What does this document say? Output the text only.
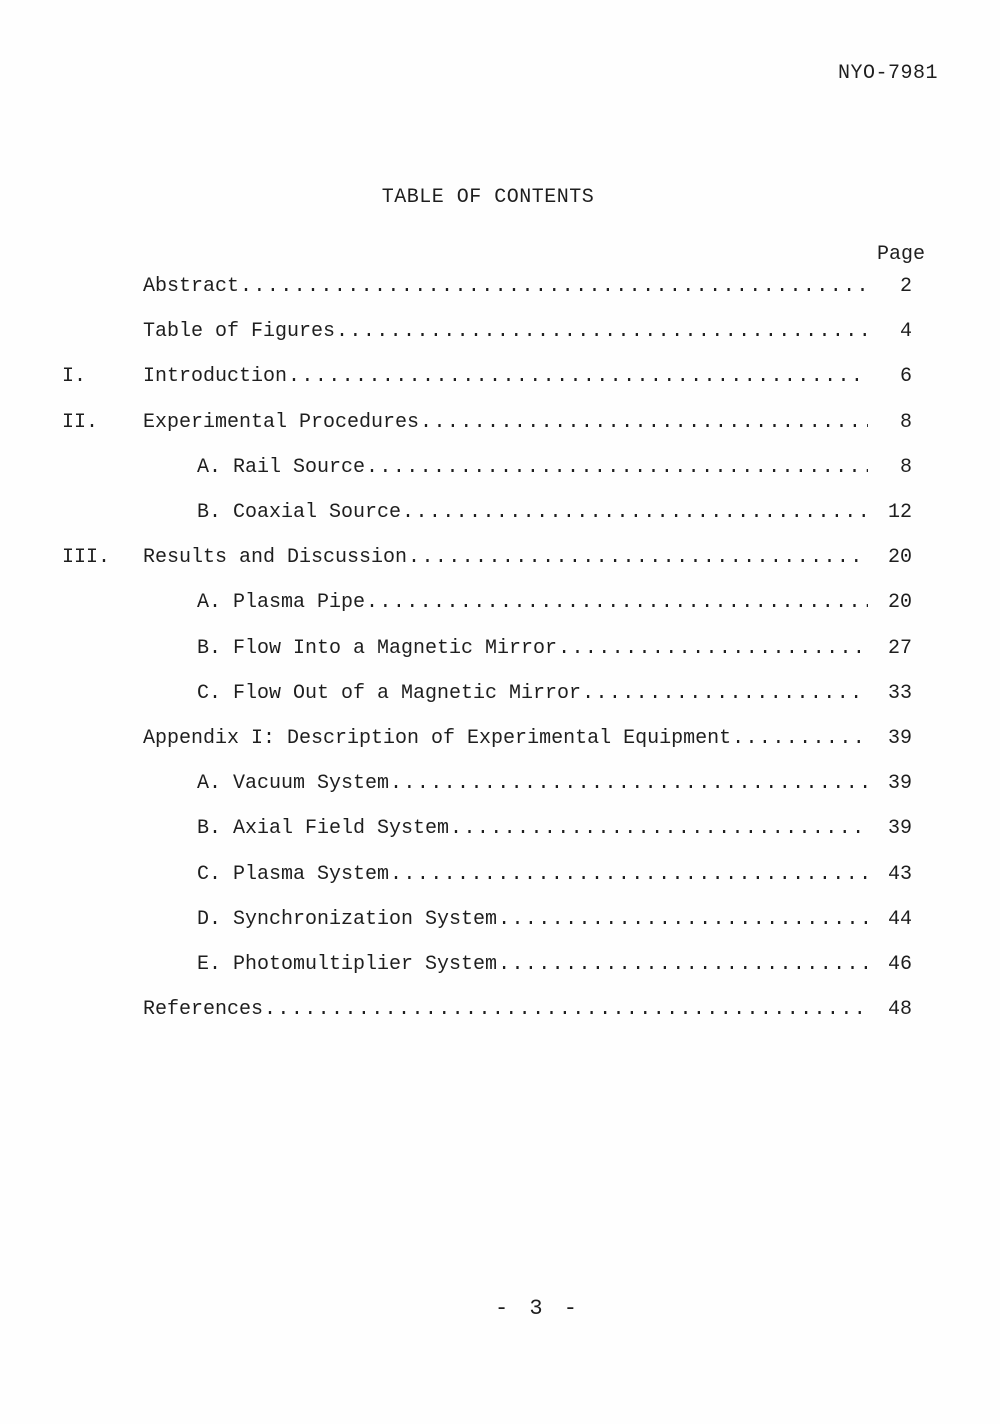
NYO-7981
TABLE OF CONTENTS
Page
Abstract .....	2
Table of Figures .....	4
I.	Introduction .....	6
II. Experimental Procedures .....	8
A. Rail Source .....	8
B. Coaxial Source .....	12
III. Results and Discussion .....	20
A. Plasma Pipe .....	20
B. Flow Into a Magnetic Mirror .....	27
C. Flow Out of a Magnetic Mirror .....	33
Appendix I: Description of Experimental Equipment .....	39
A. Vacuum System .....	39
B. Axial Field System .....	39
C. Plasma System .....	43
D. Synchronization System .....	44
E. Photomultiplier System .....	46
References .....	48
- 3 -
